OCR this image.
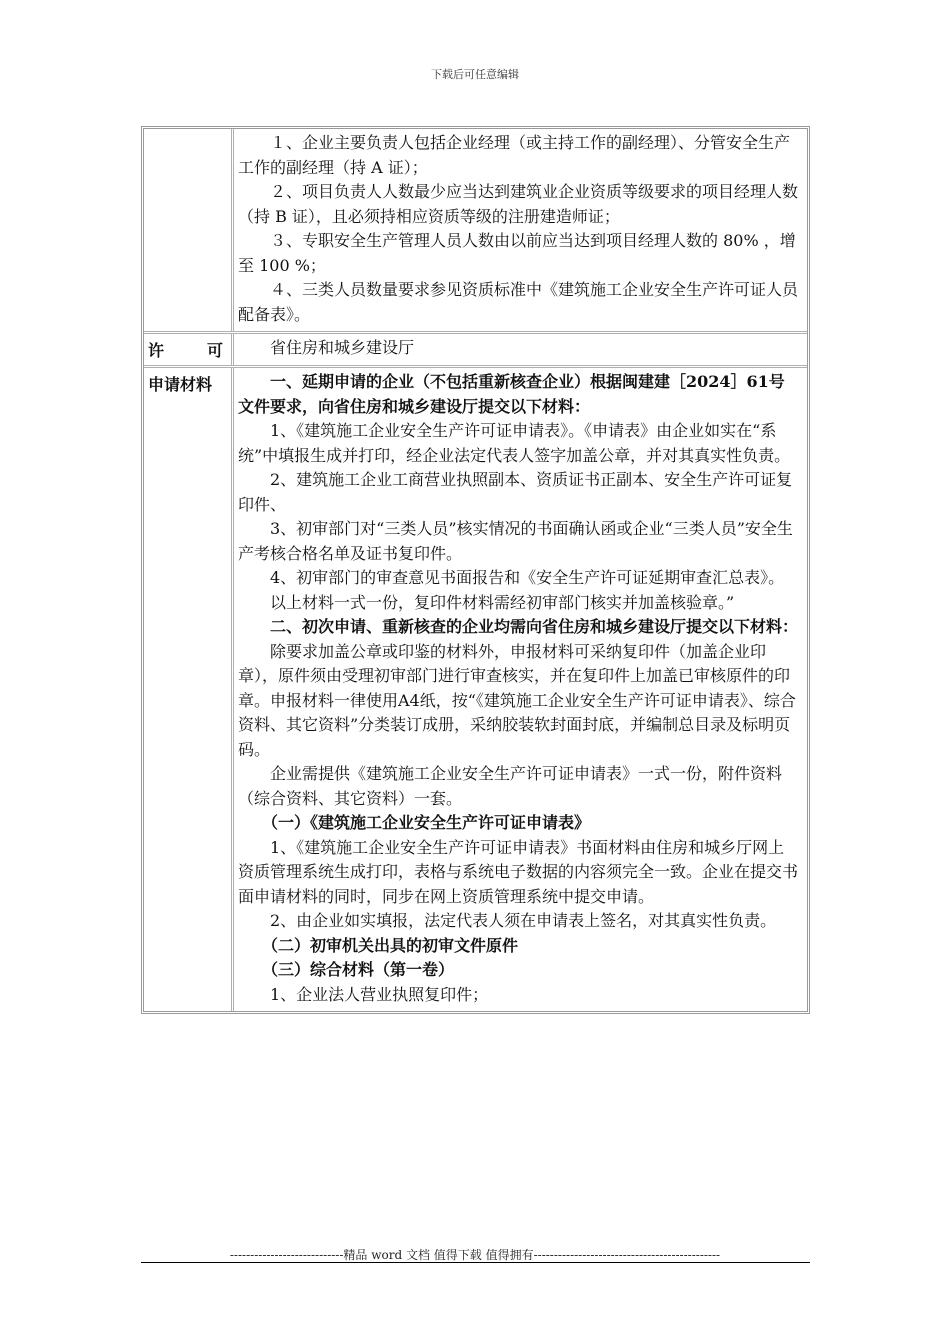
下载后可任意编辑

　　１、企业主要负责人包括企业经理（或主持工作的副经理）、分管安全生产工作的副经理（持 A 证）；

　　２、项目负责人人数最少应当达到建筑业企业资质等级要求的项目经理人数（持 B 证），且必须持相应资质等级的注册建造师证；

　　３、专职安全生产管理人员人数由以前应当达到项目经理人数的 80% ，增至 100 %；

　　４、三类人员数量要求参见资质标准中《建筑施工企业安全生产许可证人员配备表》。

许	可 　　省住房和城乡建设厅

申请材料	　　一、延期申请的企业（不包括重新核查企业）根据闽建建［2024］61号文件要求，向省住房和城乡建设厅提交以下材料：

　　1、《建筑施工企业安全生产许可证申请表》。《申请表》由企业如实在“系统”中填报生成并打印，经企业法定代表人签字加盖公章，并对其真实性负责。

　　2、建筑施工企业工商营业执照副本、资质证书正副本、安全生产许可证复印件、

　　3、初审部门对“三类人员”核实情况的书面确认函或企业“三类人员”安全生产考核合格名单及证书复印件。

　　4、初审部门的审查意见书面报告和《安全生产许可证延期审查汇总表》。

　　以上材料一式一份，复印件材料需经初审部门核实并加盖核验章。”

　　二、初次申请、重新核查的企业均需向省住房和城乡建设厅提交以下材料：

　　除要求加盖公章或印鉴的材料外，申报材料可采纳复印件（加盖企业印章），原件须由受理初审部门进行审查核实，并在复印件上加盖已审核原件的印章。申报材料一律使用A4纸，按“《建筑施工企业安全生产许可证申请表》、综合资料、其它资料”分类装订成册，采纳胶装软封面封底，并编制总目录及标明页码。

　　企业需提供《建筑施工企业安全生产许可证申请表》一式一份，附件资料（综合资料、其它资料）一套。

　　（一）《建筑施工企业安全生产许可证申请表》

　　1、《建筑施工企业安全生产许可证申请表》书面材料由住房和城乡厅网上资质管理系统生成打印，表格与系统电子数据的内容须完全一致。企业在提交书面申请材料的同时，同步在网上资质管理系统中提交申请。

　　2、由企业如实填报，法定代表人须在申请表上签名，对其真实性负责。

　　（二）初审机关出具的初审文件原件

　　（三）综合材料（第一卷）

　　1、企业法人营业执照复印件；

----------------------------精品 word 文档 值得下载 值得拥有----------------------------------------------
